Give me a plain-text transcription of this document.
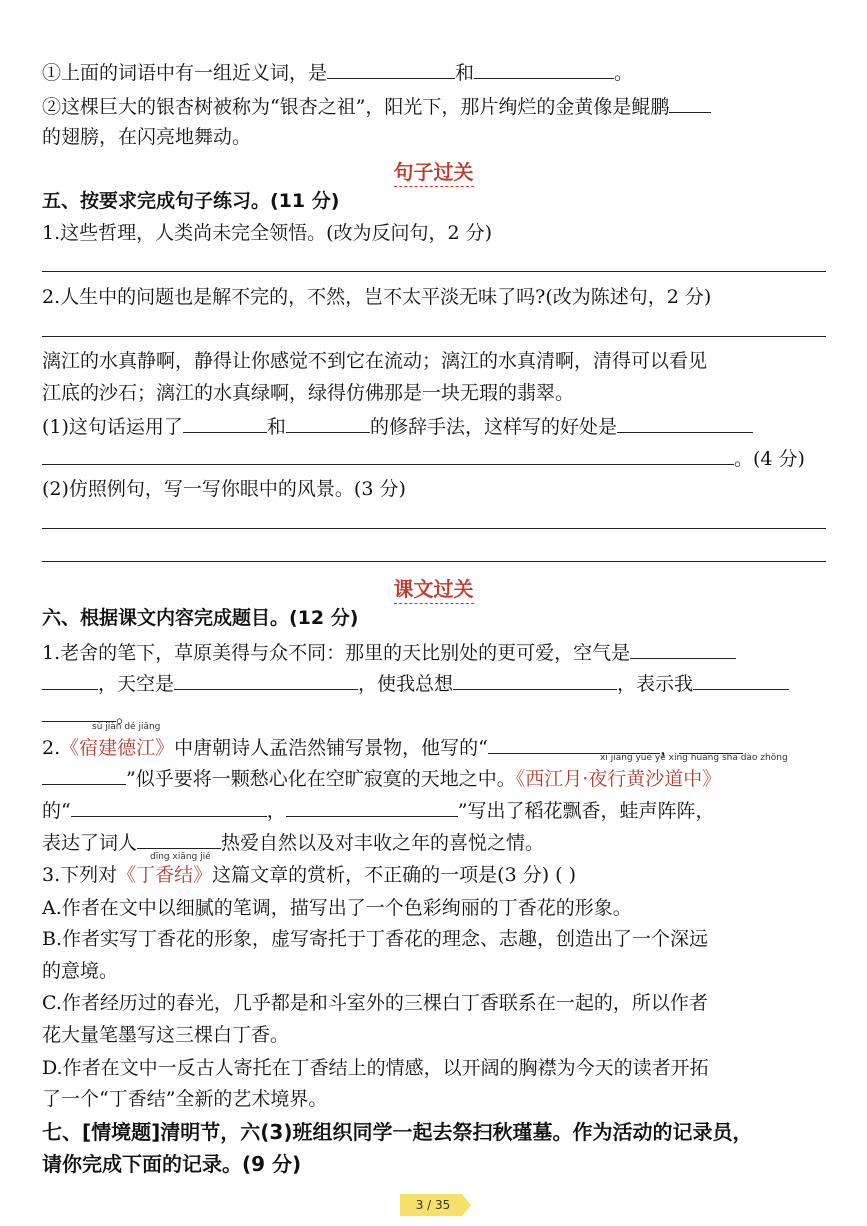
①上面的词语中有一组近义词，是	和	。
②这棵巨大的银杏树被称为“银杏之祖”，阳光下，那片绚烂的金黄像是鲲鹏
的翅膀，在闪亮地舞动。
句子过关
五、按要求完成句子练习。(11 分)
1.这些哲理，人类尚未完全领悟。(改为反问句，2 分)
2.人生中的问题也是解不完的，不然，岂不太平淡无味了吗?(改为陈述句，2 分)
漓江的水真静啊，静得让你感觉不到它在流动；漓江的水真清啊，清得可以看见
江底的沙石；漓江的水真绿啊，绿得仿佛那是一块无瑕的翡翠。
(1)这句话运用了	和	的修辞手法，这样写的好处是
。(4 分)
(2)仿照例句，写一写你眼中的风景。(3 分)
课文过关
六、根据课文内容完成题目。(12 分)
1.老舍的笔下，草原美得与众不同：那里的天比别处的更可爱，空气是
，天空是	，使我总想	，表示我
。
sù jiàn dé jiāng
2.《宿建德江》中唐朝诗人孟浩然铺写景物，他写的“	，
xī jiāng yuè yè xíng huáng shā dào zhōng
”似乎要将一颗愁心化在空旷寂寞的天地之中。《西江月·夜行黄沙道中》
的“	，	”写出了稻花飘香，蛙声阵阵，
表达了词人	热爱自然以及对丰收之年的喜悦之情。
dīng xiāng jié
3.下列对《丁香结》这篇文章的赏析，不正确的一项是(3 分) ( )
A.作者在文中以细腻的笔调，描写出了一个色彩绚丽的丁香花的形象。
B.作者实写丁香花的形象，虚写寄托于丁香花的理念、志趣，创造出了一个深远
的意境。
C.作者经历过的春光，几乎都是和斗室外的三棵白丁香联系在一起的，所以作者
花大量笔墨写这三棵白丁香。
D.作者在文中一反古人寄托在丁香结上的情感，以开阔的胸襟为今天的读者开拓
了一个“丁香结”全新的艺术境界。
七、[情境题]清明节，六(3)班组织同学一起去祭扫秋瑾墓。作为活动的记录员，
请你完成下面的记录。(9 分)
3 / 35
